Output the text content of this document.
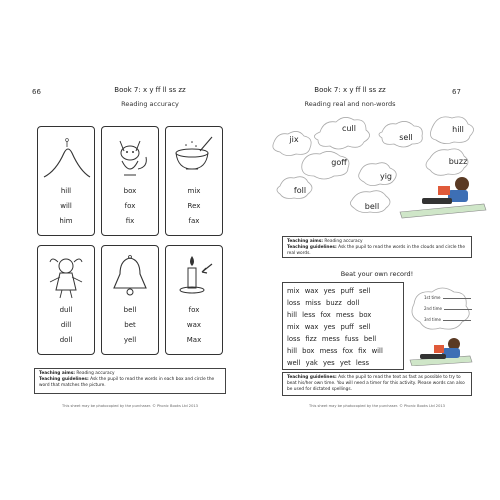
66	Book 7: x y ff ll ss zz
Reading accuracy
hill
will
him
box
fox
fix
mix
Rex
fax
dull
dill
doll
bell
bet
yell
fox
wax
Max
Teaching aims: Reading accuracy
Teaching guidelines: Ask the pupil to read the words in each box and circle the word that matches the picture.
This sheet may be photocopied by the purchaser. © Phonic Books Ltd 2013
67
Book 7: x y ff ll ss zz
Reading real and non-words
cull
jix	sell
hill
goff	buzz
foll
yig
bell
Teaching aims: Reading accuracy
Teaching guidelines: Ask the pupil to read the words in the clouds and circle the real words.
Beat your own record!
mix wax yes puff sell
loss miss buzz doll
hill less fox mess box
mix wax yes puff sell
loss fizz mess fuss bell
hill box mess fox fix will
well yak yes yet less
1st time
2nd time
3rd time
Teaching guidelines: Ask the pupil to read the text as fast as possible to try to beat his/her own time. You will need a timer for this activity. Please words can also be used for dictated spellings.
This sheet may be photocopied by the purchaser. © Phonic Books Ltd 2013
